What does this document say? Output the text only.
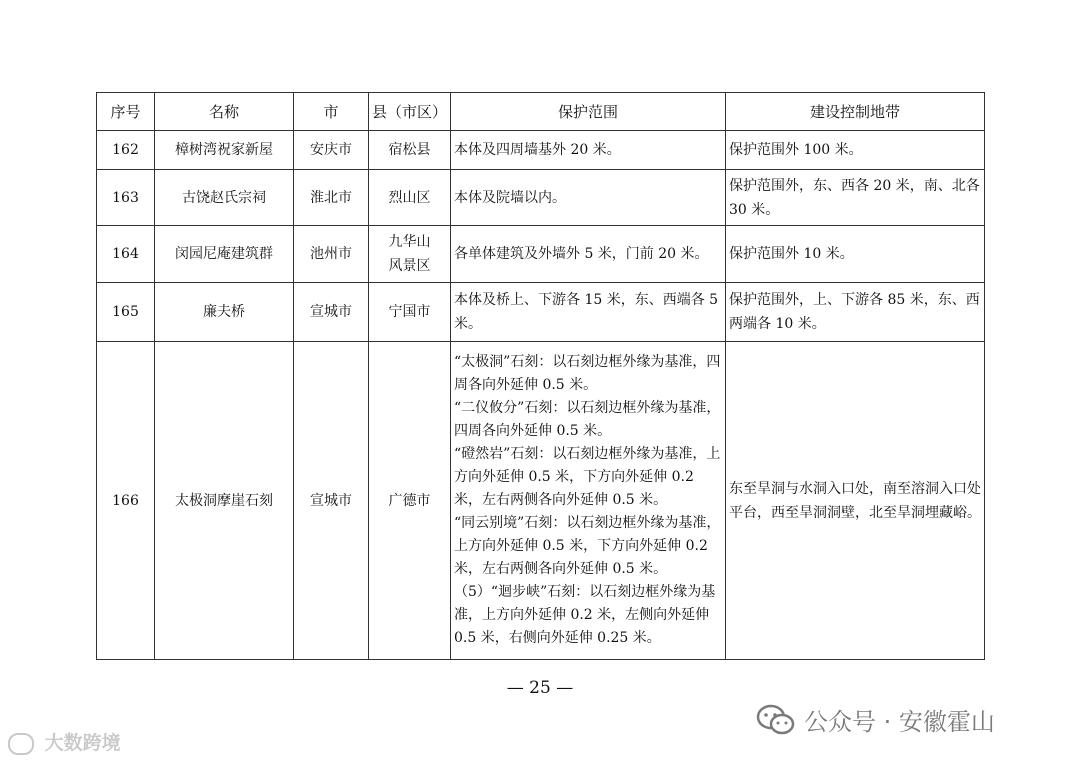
序号	名称	市	县（市区）	保护范围	建设控制地带
162	樟树湾祝家新屋	安庆市	宿松县	本体及四周墙基外 20 米。	保护范围外 100 米。
163	古饶赵氏宗祠	淮北市	烈山区	本体及院墙以内。	保护范围外，东、西各 20 米，南、北各 30 米。
164	闵园尼庵建筑群	池州市	九华山风景区	各单体建筑及外墙外 5 米，门前 20 米。	保护范围外 10 米。
165	廉夫桥	宣城市	宁国市	本体及桥上、下游各 15 米，东、西端各 5 米。	保护范围外，上、下游各 85 米，东、西两端各 10 米。
166	太极洞摩崖石刻	宣城市	广德市	“太极洞”石刻：以石刻边框外缘为基准，四周各向外延伸 0.5 米。
“二仪攸分”石刻：以石刻边框外缘为基准，四周各向外延伸 0.5 米。
“磴然岩”石刻：以石刻边框外缘为基准，上方向外延伸 0.5 米，下方向外延伸 0.2 米，左右两侧各向外延伸 0.5 米。
“同云别境”石刻：以石刻边框外缘为基准，上方向外延伸 0.5 米，下方向外延伸 0.2 米，左右两侧各向外延伸 0.5 米。
（5）“迴步峡”石刻：以石刻边框外缘为基准，上方向外延伸 0.2 米，左侧向外延伸 0.5 米，右侧向外延伸 0.25 米。	东至旱洞与水洞入口处，南至溶洞入口处平台，西至旱洞洞壁，北至旱洞埋藏峪。
— 25 —
大数跨境
公众号 · 安徽霍山
